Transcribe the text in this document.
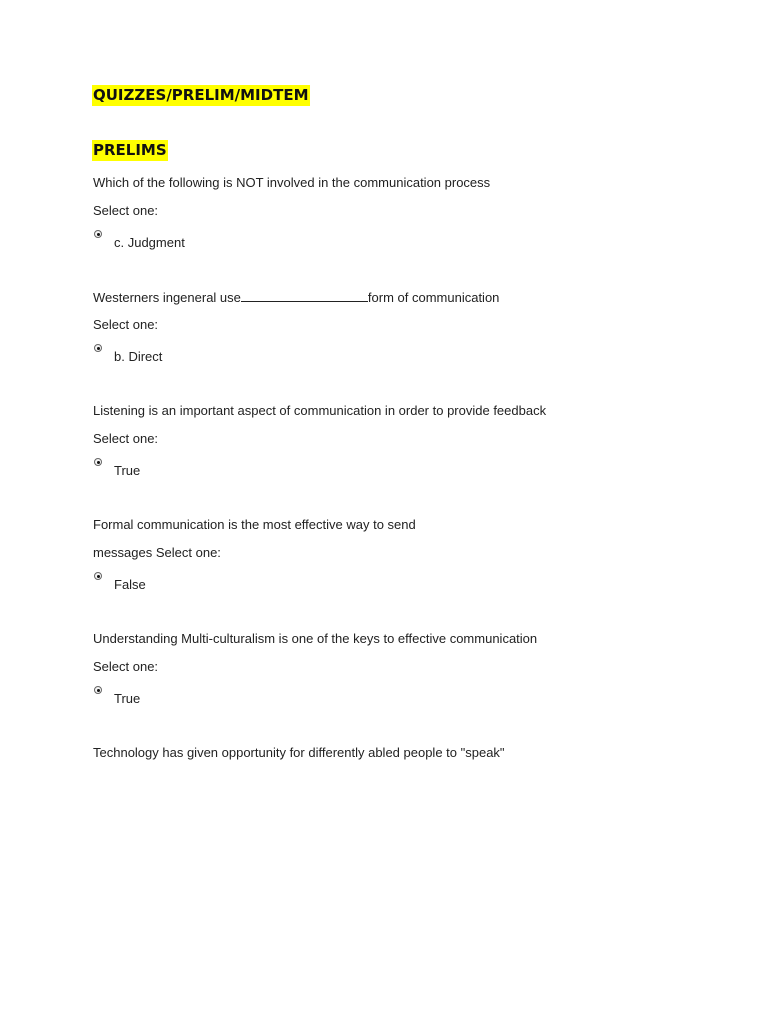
QUIZZES/PRELIM/MIDTEM
PRELIMS
Which of the following is NOT involved in the communication process
Select one:
c. Judgment
Westerners ingeneral use	form of communication
Select one:
b. Direct
Listening is an important aspect of communication in order to provide feedback
Select one:
True
Formal communication is the most effective way to send
messages Select one:
False
Understanding Multi-culturalism is one of the keys to effective communication
Select one:
True
Technology has given opportunity for differently abled people to "speak"
